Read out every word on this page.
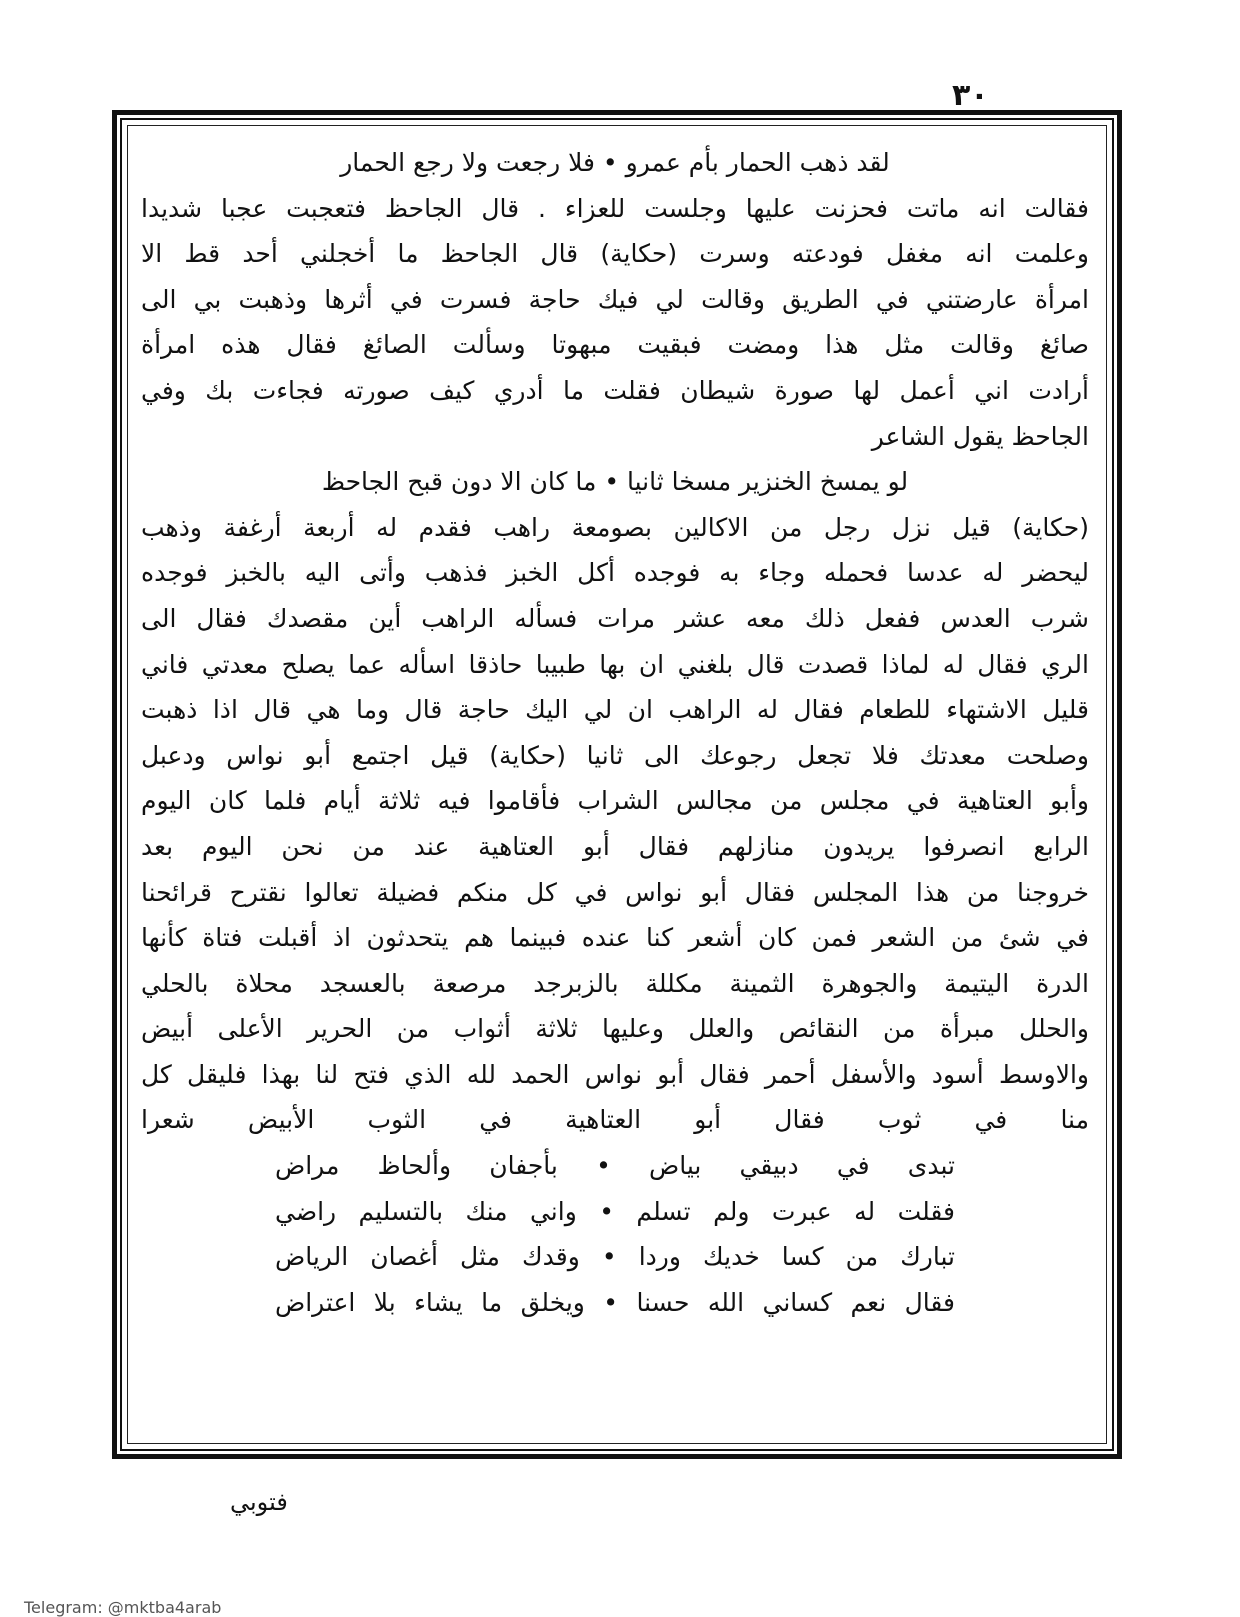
٣٠
لقد ذهب الحمار بأم عمرو • فلا رجعت ولا رجع الحمار
فقالت انه ماتت فحزنت عليها وجلست للعزاء . قال الجاحظ فتعجبت عجبا شديدا
وعلمت انه مغفل فودعته وسرت (حكاية) قال الجاحظ ما أخجلني أحد قط الا
امرأة عارضتني في الطريق وقالت لي فيك حاجة فسرت في أثرها وذهبت بي الى
صائغ وقالت مثل هذا ومضت فبقيت مبهوتا وسألت الصائغ فقال هذه امرأة
أرادت اني أعمل لها صورة شيطان فقلت ما أدري كيف صورته فجاءت بك وفي
الجاحظ يقول الشاعر
لو يمسخ الخنزير مسخا ثانيا • ما كان الا دون قبح الجاحظ
(حكاية) قيل نزل رجل من الاكالين بصومعة راهب فقدم له أربعة أرغفة وذهب
ليحضر له عدسا فحمله وجاء به فوجده أكل الخبز فذهب وأتى اليه بالخبز فوجده
شرب العدس ففعل ذلك معه عشر مرات فسأله الراهب أين مقصدك فقال الى
الري فقال له لماذا قصدت قال بلغني ان بها طبيبا حاذقا اسأله عما يصلح معدتي فاني
قليل الاشتهاء للطعام فقال له الراهب ان لي اليك حاجة قال وما هي قال اذا ذهبت
وصلحت معدتك فلا تجعل رجوعك الى ثانيا (حكاية) قيل اجتمع أبو نواس ودعبل
وأبو العتاهية في مجلس من مجالس الشراب فأقاموا فيه ثلاثة أيام فلما كان اليوم
الرابع انصرفوا يريدون منازلهم فقال أبو العتاهية عند من نحن اليوم بعد
خروجنا من هذا المجلس فقال أبو نواس في كل منكم فضيلة تعالوا نقترح قرائحنا
في شئ من الشعر فمن كان أشعر كنا عنده فبينما هم يتحدثون اذ أقبلت فتاة كأنها
الدرة اليتيمة والجوهرة الثمينة مكللة بالزبرجد مرصعة بالعسجد محلاة بالحلي
والحلل مبرأة من النقائص والعلل وعليها ثلاثة أثواب من الحرير الأعلى أبيض
والاوسط أسود والأسفل أحمر فقال أبو نواس الحمد لله الذي فتح لنا بهذا فليقل كل
منا في ثوب فقال أبو العتاهية في الثوب الأبيض شعرا
تبدى في دبيقي بياض • بأجفان وألحاظ مراض
فقلت له عبرت ولم تسلم • واني منك بالتسليم راضي
تبارك من كسا خديك وردا • وقدك مثل أغصان الرياض
فقال نعم كساني الله حسنا • ويخلق ما يشاء بلا اعتراض
فتوبي
Telegram: @mktba4arab
